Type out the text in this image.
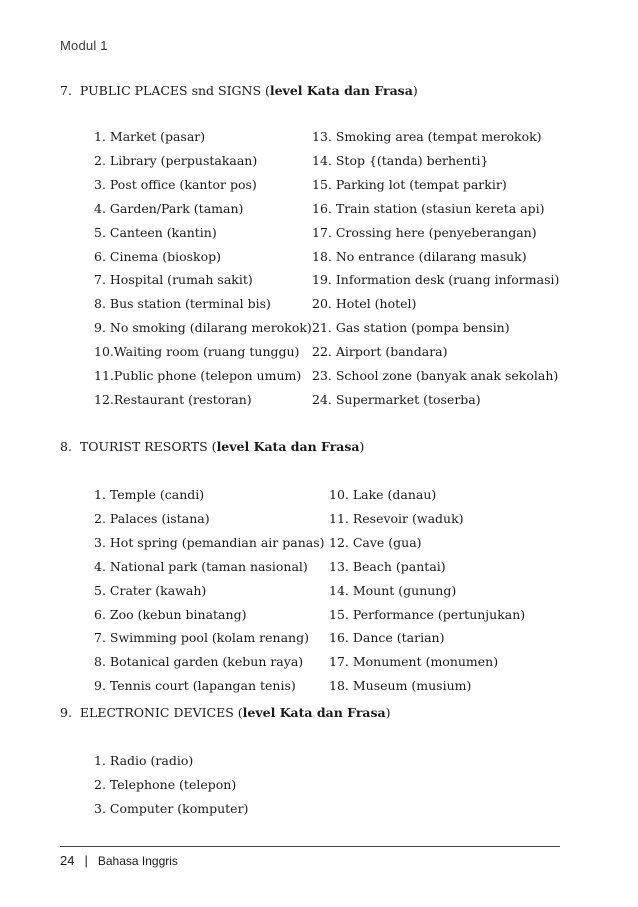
Modul 1
7. PUBLIC PLACES snd SIGNS (level Kata dan Frasa)
1. Market (pasar)
2. Library (perpustakaan)
3. Post office (kantor pos)
4. Garden/Park (taman)
5. Canteen (kantin)
6. Cinema (bioskop)
7. Hospital (rumah sakit)
8. Bus station (terminal bis)
9. No smoking (dilarang merokok)
10.Waiting room (ruang tunggu)
11.Public phone (telepon umum)
12.Restaurant (restoran)
13. Smoking area (tempat merokok)
14. Stop {(tanda) berhenti}
15. Parking lot (tempat parkir)
16. Train station (stasiun kereta api)
17. Crossing here (penyeberangan)
18. No entrance (dilarang masuk)
19. Information desk (ruang informasi)
20. Hotel (hotel)
21. Gas station (pompa bensin)
22. Airport (bandara)
23. School zone (banyak anak sekolah)
24. Supermarket (toserba)
8. TOURIST RESORTS (level Kata dan Frasa)
1. Temple (candi)
2. Palaces (istana)
3. Hot spring (pemandian air panas)
4. National park (taman nasional)
5. Crater (kawah)
6. Zoo (kebun binatang)
7. Swimming pool (kolam renang)
8. Botanical garden (kebun raya)
9. Tennis court (lapangan tenis)
10. Lake (danau)
11. Resevoir (waduk)
12. Cave (gua)
13. Beach (pantai)
14. Mount (gunung)
15. Performance (pertunjukan)
16. Dance (tarian)
17. Monument (monumen)
18. Museum (musium)
9. ELECTRONIC DEVICES (level Kata dan Frasa)
1. Radio (radio)
2. Telephone (telepon)
3. Computer (komputer)
24 | Bahasa Inggris
